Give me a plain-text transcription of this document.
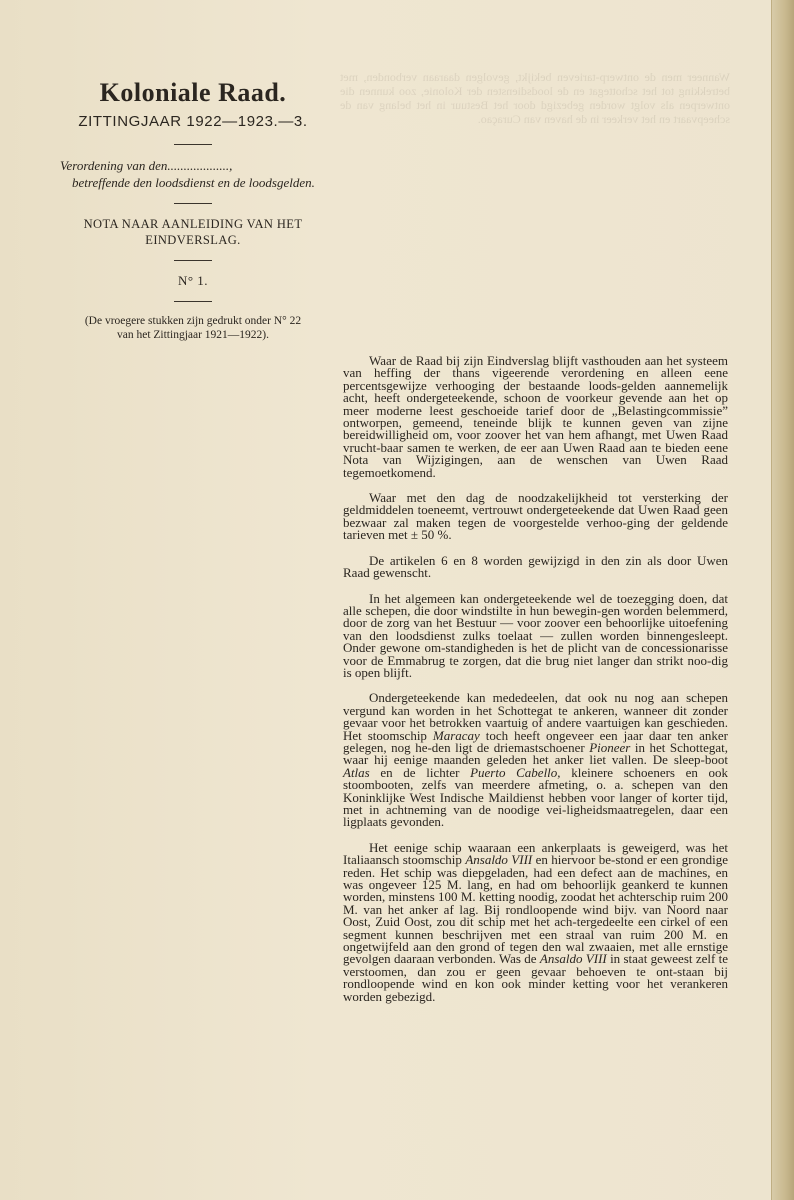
Wanneer men de ontwerp-tarieven bekijkt, gevolgen daaraan verbonden, met betrekking tot het schottegat en de loodsdiensten der Kolonie, zoo kunnen die ontwerpen als volgt worden gebezigd door het Bestuur in het belang van de scheepvaart en het verkeer in de haven van Curaçao.
Koloniale Raad.
ZITTINGJAAR 1922—1923.—3.
Verordening van den...................,
betreffende den loodsdienst en de loodsgelden.
NOTA NAAR AANLEIDING VAN HET
EINDVERSLAG.
N° 1.
(De vroegere stukken zijn gedrukt onder N° 22
van het Zittingjaar 1921—1922).

Waar de Raad bij zijn Eindverslag blijft vasthouden aan het systeem van heffing der thans vigeerende verordening en alleen eene percentsgewijze verhooging der bestaande loods-gelden aannemelijk acht, heeft ondergeteekende, schoon de voorkeur gevende aan het op meer moderne leest geschoeide tarief door de „Belastingcommissie” ontworpen, gemeend, teneinde blijk te kunnen geven van zijne bereidwilligheid om, voor zoover het van hem afhangt, met Uwen Raad vrucht-baar samen te werken, de eer aan Uwen Raad aan te bieden eene Nota van Wijzigingen, aan de wenschen van Uwen Raad tegemoetkomend.

Waar met den dag de noodzakelijkheid tot versterking der geldmiddelen toeneemt, vertrouwt ondergeteekende dat Uwen Raad geen bezwaar zal maken tegen de voorgestelde verhoo-ging der geldende tarieven met ± 50 %.

De artikelen 6 en 8 worden gewijzigd in den zin als door Uwen Raad gewenscht.

In het algemeen kan ondergeteekende wel de toezegging doen, dat alle schepen, die door windstilte in hun bewegin-gen worden belemmerd, door de zorg van het Bestuur — voor zoover een behoorlijke uitoefening van den loodsdienst zulks toelaat — zullen worden binnengesleept. Onder gewone om-standigheden is het de plicht van de concessionarisse voor de Emmabrug te zorgen, dat die brug niet langer dan strikt noo-dig is open blijft.

Ondergeteekende kan mededeelen, dat ook nu nog aan schepen vergund kan worden in het Schottegat te ankeren, wanneer dit zonder gevaar voor het betrokken vaartuig of andere vaartuigen kan geschieden. Het stoomschip Maracay toch heeft ongeveer een jaar daar ten anker gelegen, nog he-den ligt de driemastschoener Pioneer in het Schottegat, waar hij eenige maanden geleden het anker liet vallen. De sleep-boot Atlas en de lichter Puerto Cabello, kleinere schoeners en ook stoombooten, zelfs van meerdere afmeting, o. a. schepen van den Koninklijke West Indische Maildienst hebben voor langer of korter tijd, met in achtneming van de noodige vei-ligheidsmaatregelen, daar een ligplaats gevonden.

Het eenige schip waaraan een ankerplaats is geweigerd, was het Italiaansch stoomschip Ansaldo VIII en hiervoor be-stond er een grondige reden. Het schip was diepgeladen, had een defect aan de machines, en was ongeveer 125 M. lang, en had om behoorlijk geankerd te kunnen worden, minstens 100 M. ketting noodig, zoodat het achterschip ruim 200 M. van het anker af lag. Bij rondloopende wind bijv. van Noord naar Oost, Zuid Oost, zou dit schip met het ach-tergedeelte een cirkel of een segment kunnen beschrijven met een straal van ruim 200 M. en ongetwijfeld aan den grond of tegen den wal zwaaien, met alle ernstige gevolgen daaraan verbonden. Was de Ansaldo VIII in staat geweest zelf te verstoomen, dan zou er geen gevaar behoeven te ont-staan bij rondloopende wind en kon ook minder ketting voor het verankeren worden gebezigd.
